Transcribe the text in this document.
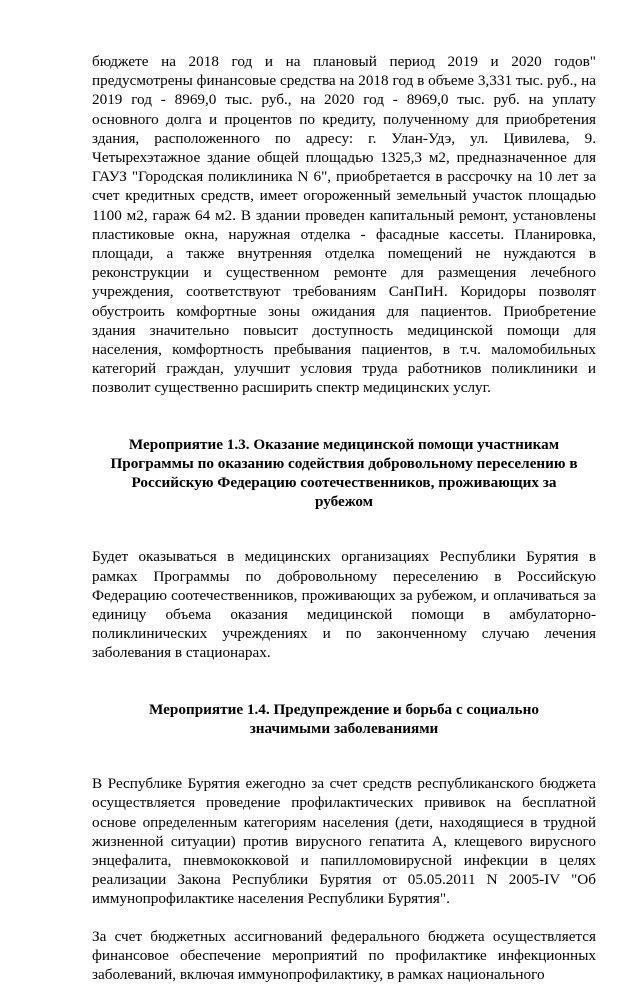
бюджете на 2018 год и на плановый период 2019 и 2020 годов" предусмотрены финансовые средства на 2018 год в объеме 3,331 тыс. руб., на 2019 год - 8969,0 тыс. руб., на 2020 год - 8969,0 тыс. руб. на уплату основного долга и процентов по кредиту, полученному для приобретения здания, расположенного по адресу: г. Улан-Удэ, ул. Цивилева, 9. Четырехэтажное здание общей площадью 1325,3 м2, предназначенное для ГАУЗ "Городская поликлиника N 6", приобретается в рассрочку на 10 лет за счет кредитных средств, имеет огороженный земельный участок площадью 1100 м2, гараж 64 м2. В здании проведен капитальный ремонт, установлены пластиковые окна, наружная отделка - фасадные кассеты. Планировка, площади, а также внутренняя отделка помещений не нуждаются в реконструкции и существенном ремонте для размещения лечебного учреждения, соответствуют требованиям СанПиН. Коридоры позволят обустроить комфортные зоны ожидания для пациентов. Приобретение здания значительно повысит доступность медицинской помощи для населения, комфортность пребывания пациентов, в т.ч. маломобильных категорий граждан, улучшит условия труда работников поликлиники и позволит существенно расширить спектр медицинских услуг.

Мероприятие 1.3. Оказание медицинской помощи участникам
Программы по оказанию содействия добровольному переселению в
Российскую Федерацию соотечественников, проживающих за
рубежом

Будет оказываться в медицинских организациях Республики Бурятия в рамках Программы по добровольному переселению в Российскую Федерацию соотечественников, проживающих за рубежом, и оплачиваться за единицу объема оказания медицинской помощи в амбулаторно-поликлинических учреждениях и по законченному случаю лечения заболевания в стационарах.

Мероприятие 1.4. Предупреждение и борьба с социально
значимыми заболеваниями

В Республике Бурятия ежегодно за счет средств республиканского бюджета осуществляется проведение профилактических прививок на бесплатной основе определенным категориям населения (дети, находящиеся в трудной жизненной ситуации) против вирусного гепатита А, клещевого вирусного энцефалита, пневмококковой и папилломовирусной инфекции в целях реализации Закона Республики Бурятия от 05.05.2011 N 2005-IV "Об иммунопрофилактике населения Республики Бурятия".

За счет бюджетных ассигнований федерального бюджета осуществляется финансовое обеспечение мероприятий по профилактике инфекционных заболеваний, включая иммунопрофилактику, в рамках национального
